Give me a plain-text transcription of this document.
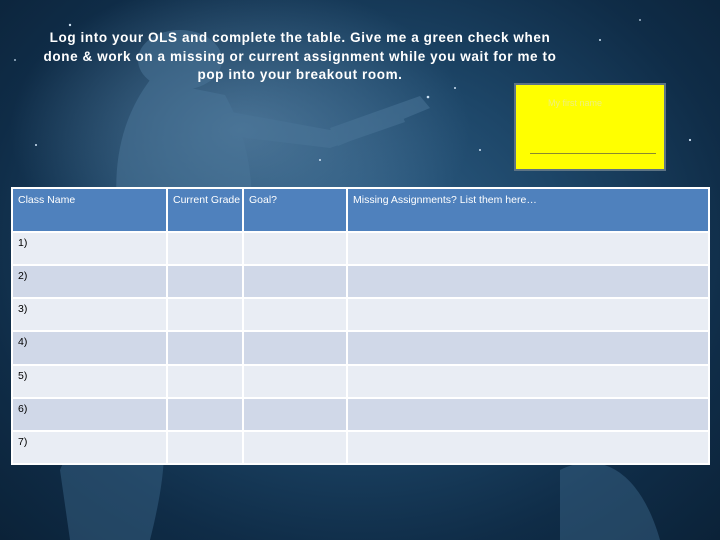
Log into your OLS and complete the table. Give me a green check when done & work on a missing or current assignment while you wait for me to pop into your breakout room.
My first name
Class Name	Current Grade	Goal?	Missing Assignments? List them here…
1)			
2)			
3)			
4)			
5)			
6)			
7)			
